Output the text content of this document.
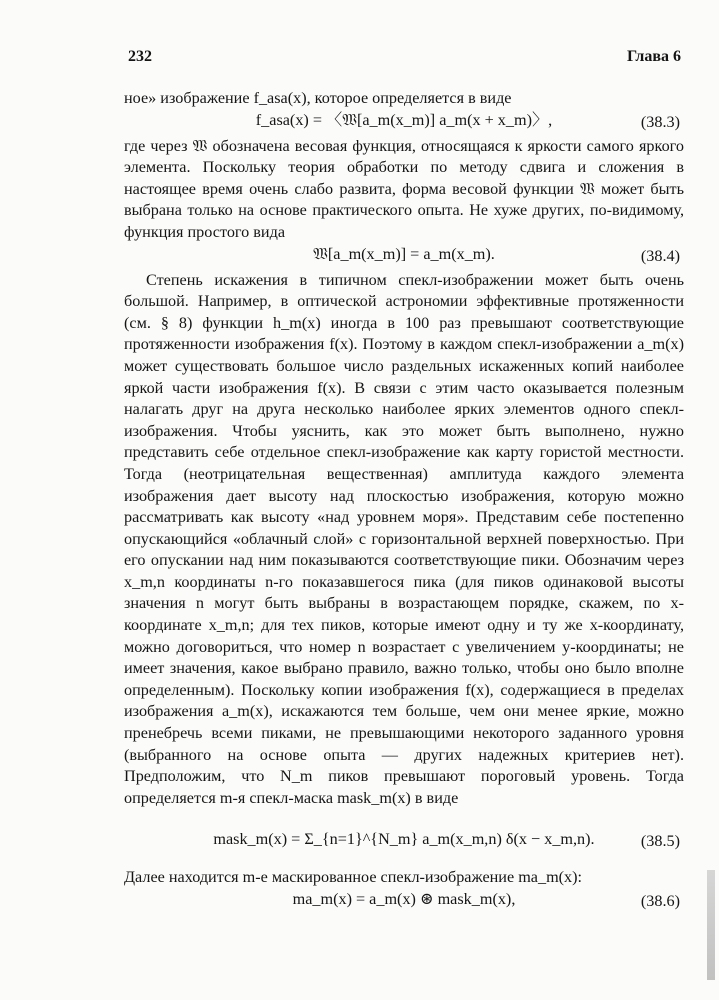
232	Глава 6

ное» изображение f_asa(x), которое определяется в виде

f_asa(x) = 〈𝔚[a_m(x_m)] a_m(x + x_m)〉,	(38.3)

где через 𝔚 обозначена весовая функция, относящаяся к яркости самого яркого элемента. Поскольку теория обработки по методу сдвига и сложения в настоящее время очень слабо развита, форма весовой функции 𝔚 может быть выбрана только на основе практического опыта. Не хуже других, по-видимому, функция простого вида

𝔚[a_m(x_m)] = a_m(x_m).	(38.4)

Степень искажения в типичном спекл-изображении может быть очень большой. Например, в оптической астрономии эффективные протяженности (см. § 8) функции h_m(x) иногда в 100 раз превышают соответствующие протяженности изображения f(x). Поэтому в каждом спекл-изображении a_m(x) может существовать большое число раздельных искаженных копий наиболее яркой части изображения f(x). В связи с этим часто оказывается полезным налагать друг на друга несколько наиболее ярких элементов одного спекл-изображения. Чтобы уяснить, как это может быть выполнено, нужно представить себе отдельное спекл-изображение как карту гористой местности. Тогда (неотрицательная вещественная) амплитуда каждого элемента изображения дает высоту над плоскостью изображения, которую можно рассматривать как высоту «над уровнем моря». Представим себе постепенно опускающийся «облачный слой» с горизонтальной верхней поверхностью. При его опускании над ним показываются соответствующие пики. Обозначим через x_m,n координаты n-го показавшегося пика (для пиков одинаковой высоты значения n могут быть выбраны в возрастающем порядке, скажем, по x-координате x_m,n; для тех пиков, которые имеют одну и ту же x-координату, можно договориться, что номер n возрастает с увеличением y-координаты; не имеет значения, какое выбрано правило, важно только, чтобы оно было вполне определенным). Поскольку копии изображения f(x), содержащиеся в пределах изображения a_m(x), искажаются тем больше, чем они менее яркие, можно пренебречь всеми пиками, не превышающими некоторого заданного уровня (выбранного на основе опыта — других надежных критериев нет). Предположим, что N_m пиков превышают пороговый уровень. Тогда определяется m-я спекл-маска mask_m(x) в виде

mask_m(x) = Σ_{n=1}^{N_m} a_m(x_m,n) δ(x − x_m,n).	(38.5)

Далее находится m-е маскированное спекл-изображение ma_m(x):

ma_m(x) = a_m(x) ⊛ mask_m(x),	(38.6)
